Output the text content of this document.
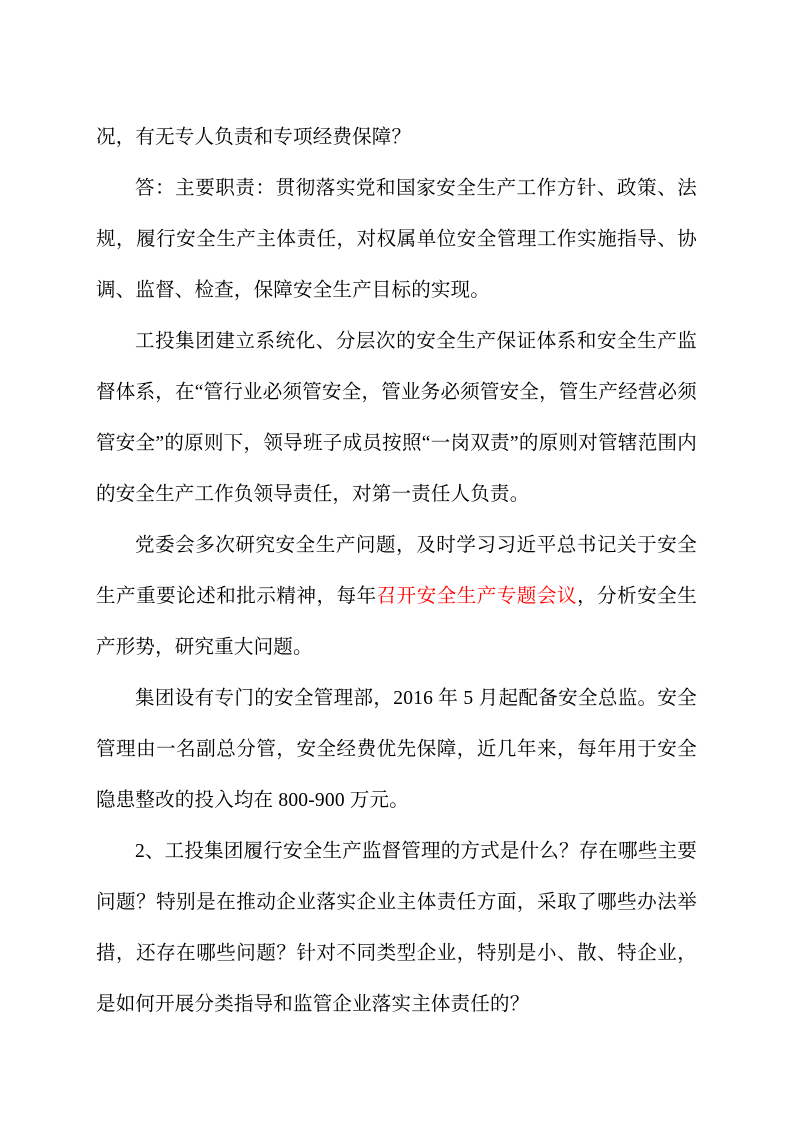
况，有无专人负责和专项经费保障？

答：主要职责：贯彻落实党和国家安全生产工作方针、政策、法规，履行安全生产主体责任，对权属单位安全管理工作实施指导、协调、监督、检查，保障安全生产目标的实现。

工投集团建立系统化、分层次的安全生产保证体系和安全生产监督体系，在“管行业必须管安全，管业务必须管安全，管生产经营必须管安全”的原则下，领导班子成员按照“一岗双责”的原则对管辖范围内的安全生产工作负领导责任，对第一责任人负责。

党委会多次研究安全生产问题，及时学习习近平总书记关于安全生产重要论述和批示精神，每年召开安全生产专题会议，分析安全生产形势，研究重大问题。

集团设有专门的安全管理部，2016 年 5 月起配备安全总监。安全管理由一名副总分管，安全经费优先保障，近几年来，每年用于安全隐患整改的投入均在 800-900 万元。

2、工投集团履行安全生产监督管理的方式是什么？存在哪些主要问题？特别是在推动企业落实企业主体责任方面，采取了哪些办法举措，还存在哪些问题？针对不同类型企业，特别是小、散、特企业，是如何开展分类指导和监管企业落实主体责任的？
